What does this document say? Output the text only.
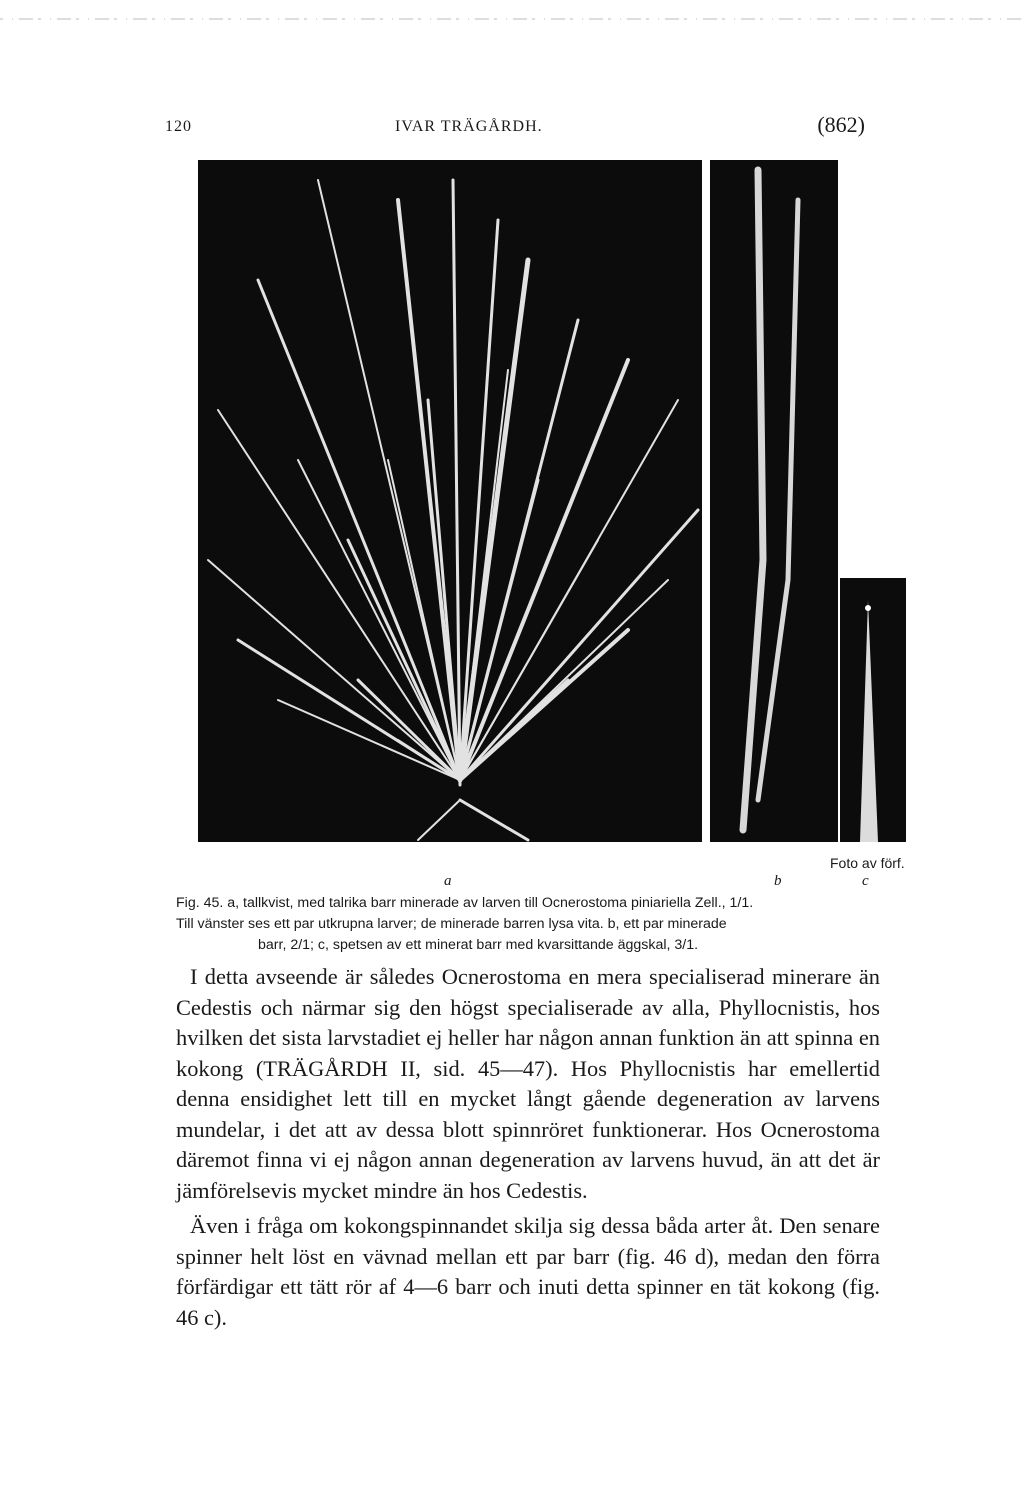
120	IVAR TRÄGÅRDH.	(862)
Foto av förf.
a	b	c
Fig. 45. a, tallkvist, med talrika barr minerade av larven till Ocnerostoma piniariella Zell., 1/1.
Till vänster ses ett par utkrupna larver; de minerade barren lysa vita. b, ett par minerade
barr, 2/1; c, spetsen av ett minerat barr med kvarsittande äggskal, 3/1.

I detta avseende är således Ocnerostoma en mera specialiserad minerare än Cedestis och närmar sig den högst specialiserade av alla, Phyllocnistis, hos hvilken det sista larvstadiet ej heller har någon annan funktion än att spinna en kokong (TRÄGÅRDH II, sid. 45—47). Hos Phyllocnistis har emellertid denna ensidighet lett till en mycket långt gående degeneration av larvens mundelar, i det att av dessa blott spinnröret funktionerar. Hos Ocnerostoma däremot finna vi ej någon annan degeneration av larvens huvud, än att det är jämförelsevis mycket mindre än hos Cedestis.

Även i fråga om kokongspinnandet skilja sig dessa båda arter åt. Den senare spinner helt löst en vävnad mellan ett par barr (fig. 46 d), medan den förra förfärdigar ett tätt rör af 4—6 barr och inuti detta spinner en tät kokong (fig. 46 c).
